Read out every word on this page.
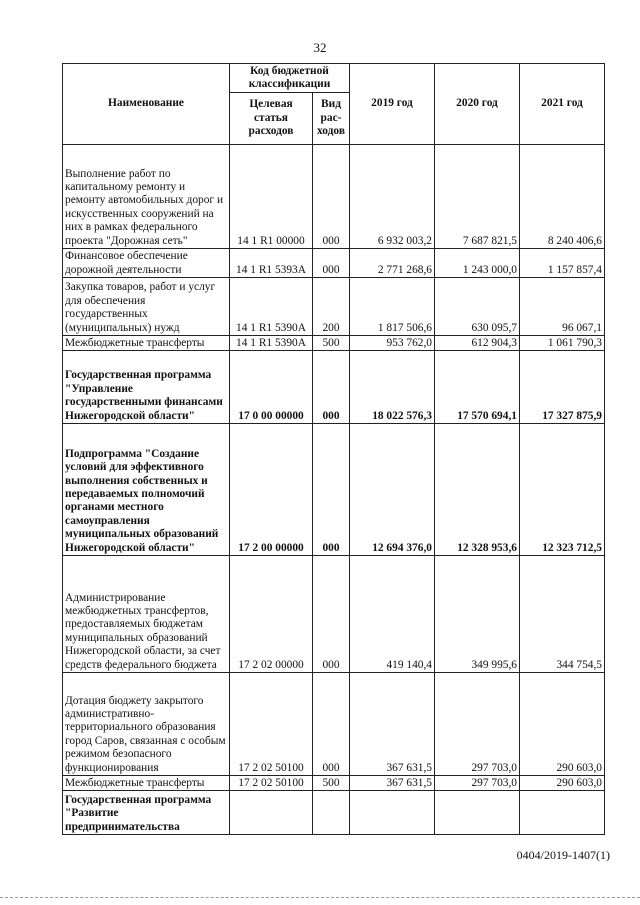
32
Наименование	Код бюджетной классификации		2019 год	2020 год	2021 год
	Целевая статья расходов	Вид рас-ходов			
Выполнение работ по капитальному ремонту и ремонту автомобильных дорог и искусственных сооружений на них в рамках федерального проекта "Дорожная сеть"	14 1 R1 00000	000	6 932 003,2	7 687 821,5	8 240 406,6
Финансовое обеспечение дорожной деятельности	14 1 R1 5393А	000	2 771 268,6	1 243 000,0	1 157 857,4
Закупка товаров, работ и услуг для обеспечения государственных (муниципальных) нужд	14 1 R1 5390А	200	1 817 506,6	630 095,7	96 067,1
Межбюджетные трансферты	14 1 R1 5390А	500	953 762,0	612 904,3	1 061 790,3
Государственная программа "Управление государственными финансами Нижегородской области"	17 0 00 00000	000	18 022 576,3	17 570 694,1	17 327 875,9
Подпрограмма "Создание условий для эффективного выполнения собственных и передаваемых полномочий органами местного самоуправления муниципальных образований Нижегородской области"	17 2 00 00000	000	12 694 376,0	12 328 953,6	12 323 712,5
Администрирование межбюджетных трансфертов, предоставляемых бюджетам муниципальных образований Нижегородской области, за счет средств федерального бюджета	17 2 02 00000	000	419 140,4	349 995,6	344 754,5
Дотация бюджету закрытого административно-территориального образования город Саров, связанная с особым режимом безопасного функционирования	17 2 02 50100	000	367 631,5	297 703,0	290 603,0
Межбюджетные трансферты	17 2 02 50100	500	367 631,5	297 703,0	290 603,0
Государственная программа "Развитие предпринимательства					
0404/2019-1407(1)
